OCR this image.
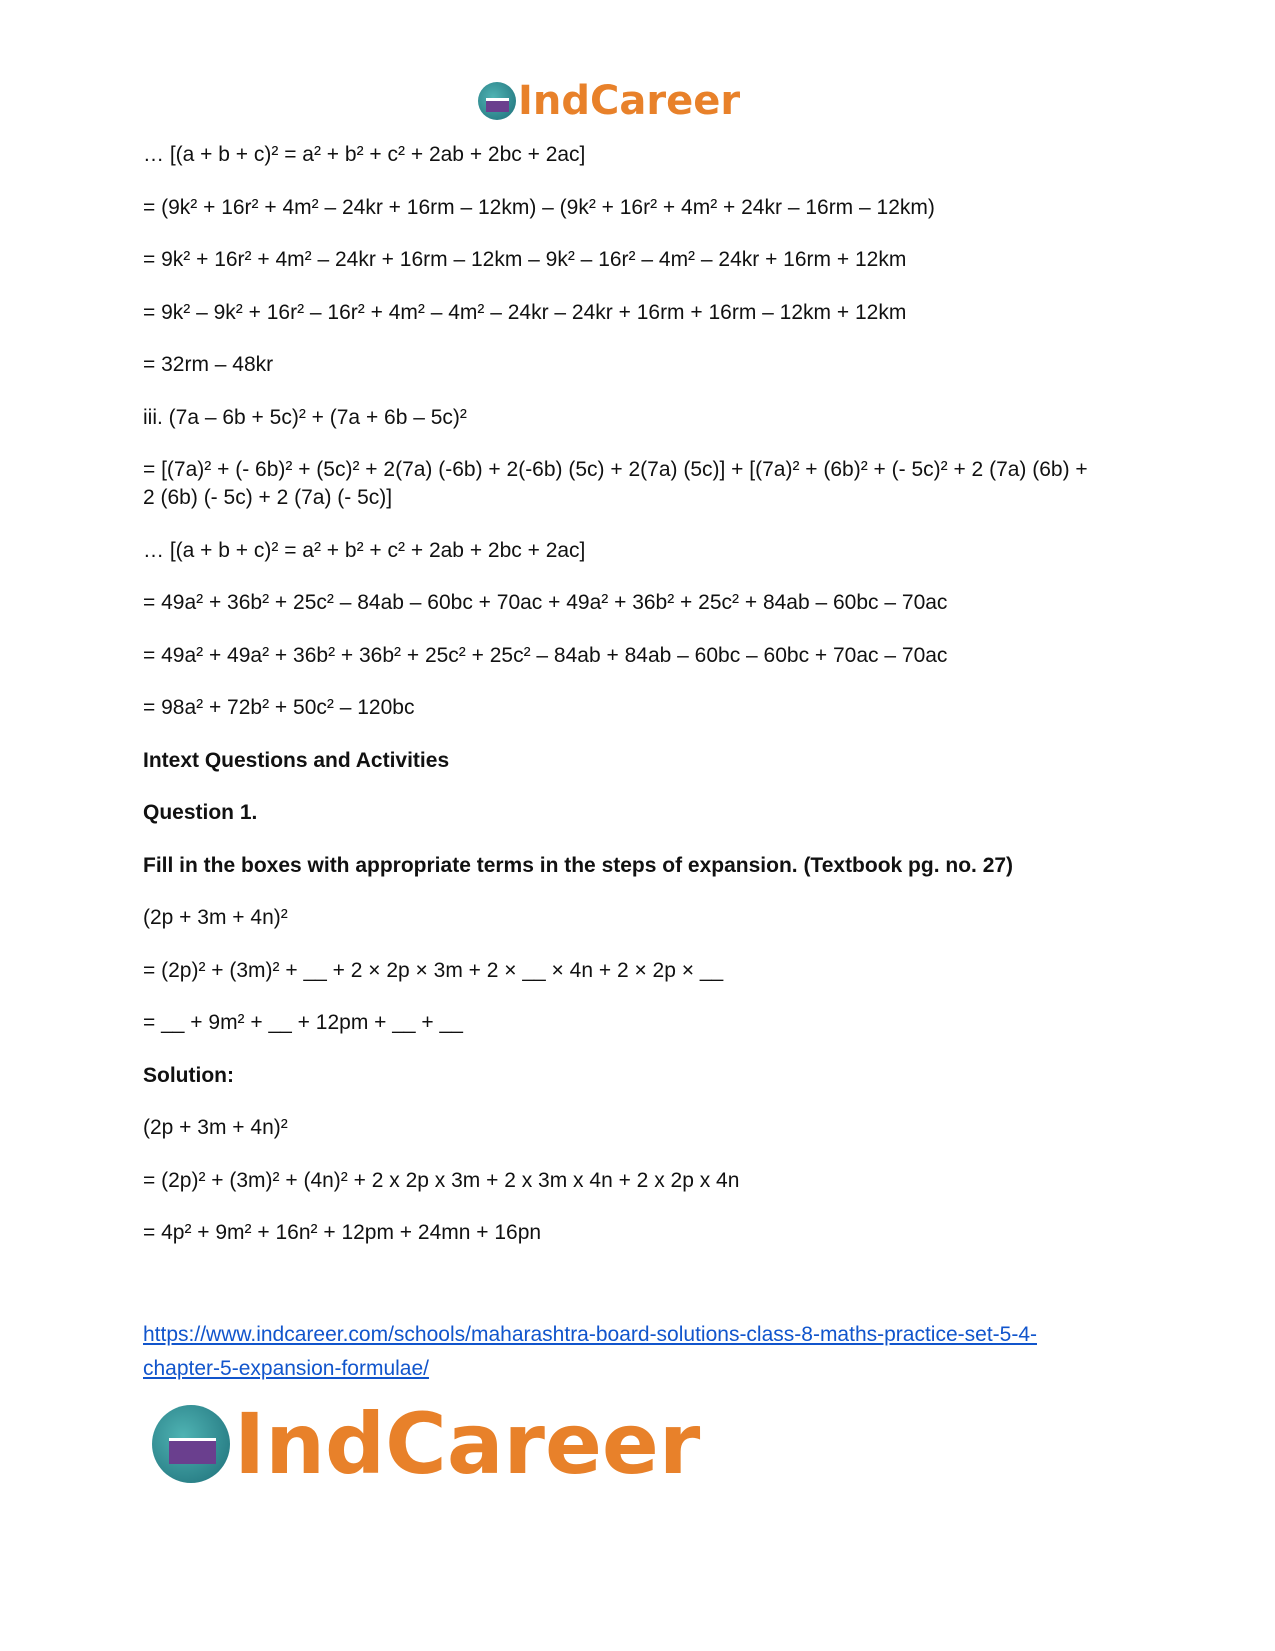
IndCareer

… [(a + b + c)² = a² + b² + c² + 2ab + 2bc + 2ac]

= (9k² + 16r² + 4m² – 24kr + 16rm – 12km) – (9k² + 16r² + 4m² + 24kr – 16rm – 12km)

= 9k² + 16r² + 4m² – 24kr + 16rm – 12km – 9k² – 16r² – 4m² – 24kr + 16rm + 12km

= 9k² – 9k² + 16r² – 16r² + 4m² – 4m² – 24kr – 24kr + 16rm + 16rm – 12km + 12km

= 32rm – 48kr

iii. (7a – 6b + 5c)² + (7a + 6b – 5c)²

= [(7a)² + (- 6b)² + (5c)² + 2(7a) (-6b) + 2(-6b) (5c) + 2(7a) (5c)] + [(7a)² + (6b)² + (- 5c)² + 2 (7a) (6b) + 2 (6b) (- 5c) + 2 (7a) (- 5c)]

… [(a + b + c)² = a² + b² + c² + 2ab + 2bc + 2ac]

= 49a² + 36b² + 25c² – 84ab – 60bc + 70ac + 49a² + 36b² + 25c² + 84ab – 60bc – 70ac

= 49a² + 49a² + 36b² + 36b² + 25c² + 25c² – 84ab + 84ab – 60bc – 60bc + 70ac – 70ac

= 98a² + 72b² + 50c² – 120bc

Intext Questions and Activities

Question 1.

Fill in the boxes with appropriate terms in the steps of expansion. (Textbook pg. no. 27)

(2p + 3m + 4n)²

= (2p)² + (3m)² + __ + 2 × 2p × 3m + 2 × __ × 4n + 2 × 2p × __

= __ + 9m² + __ + 12pm + __ + __

Solution:

(2p + 3m + 4n)²

= (2p)² + (3m)² + (4n)² + 2 x 2p x 3m + 2 x 3m x 4n + 2 x 2p x 4n

= 4p² + 9m² + 16n² + 12pm + 24mn + 16pn

https://www.indcareer.com/schools/maharashtra-board-solutions-class-8-maths-practice-set-5-4-chapter-5-expansion-formulae/
IndCareer
